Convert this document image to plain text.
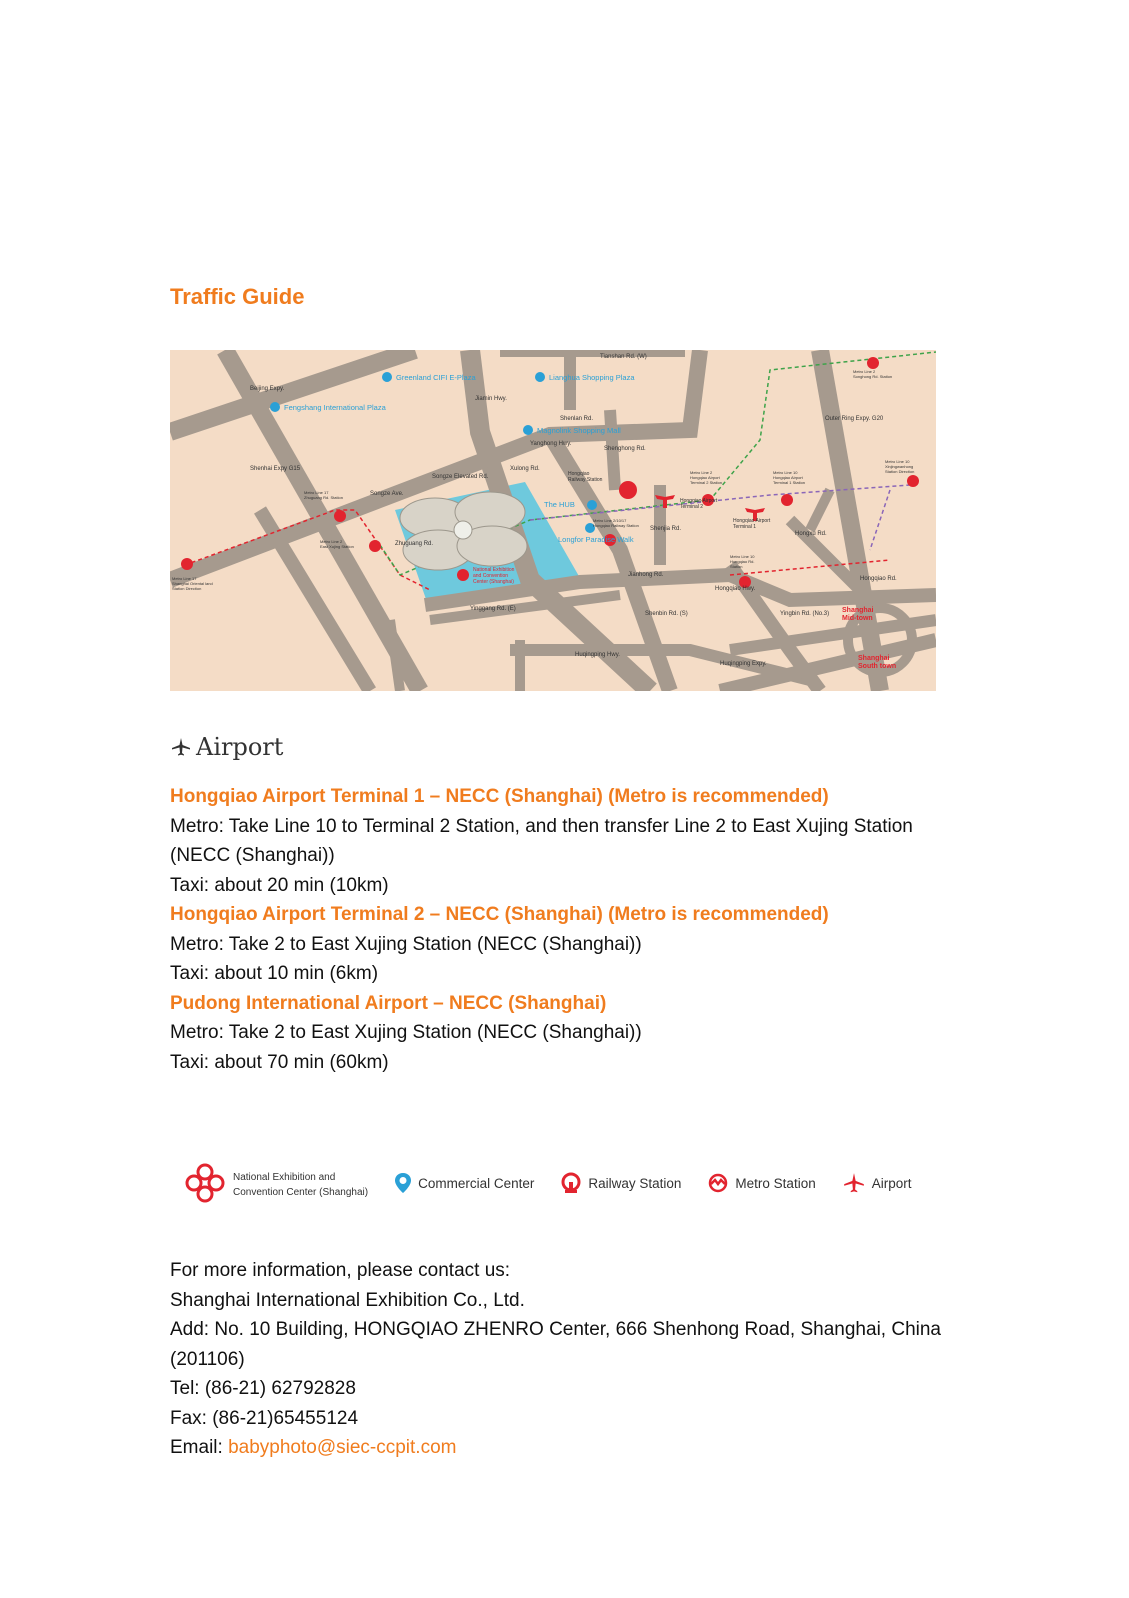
Traffic Guide
Tianshan Rd. (W)
Beijing Expy.
Jiamin Hwy.
Shenlan Rd.
Yanghong Hwy.
Shenghong Rd.
Songze Elevated Rd.
Songze Ave.
Shenhai Expy G15
Zhuguang Rd.
Xulong Rd.
Shenjia Rd.
Jianhong Rd.
Yinggang Rd. (E)
Shenbin Rd. (S)
Huqingping Hwy.
Huqingping Expy.
Outer Ring Expy. G20
Hongqiao Rd.
Yingbin Rd. (No.3)
Hongxu Rd.
Hongqiao Hwy.
Greenland CIFI E-Plaza	Lianghua Shopping Plaza
Fengshang International Plaza
Magnolink Shopping Mall
The HUB
Longfor Paradise Walk
National Exhibition
and Convention
Center (Shanghai)
Hongqiao
Railway Station
Hongqiao Airport
Terminal 2
Hongqiao Airport
Terminal 1
Shanghai
Mid-town
Shanghai
South town
Metro Line 2
Songhong Rd. Station
Metro Line 10
Xinjingwanhong
Station Direction
Metro Line 2
Hongqiao Airport
Terminal 2 Station
Metro Line 10
Hongqiao Airport
Terminal 1 Station
Metro Line 17
Zhuguang Rd. Station
Metro Line 2
East Xujing Station
Metro Line 2/10/17
Hongqiao Railway Station
Metro Line 10
Hongqiao Rd.
Station
Metro Line 17
Shanghai Oriental land
Station Direction
Airport

Hongqiao Airport Terminal 1 – NECC (Shanghai) (Metro is recommended)

Metro: Take Line 10 to Terminal 2 Station, and then transfer Line 2 to East Xujing Station (NECC (Shanghai))

Taxi: about 20 min (10km)

Hongqiao Airport Terminal 2 – NECC (Shanghai) (Metro is recommended)

Metro: Take 2 to East Xujing Station (NECC (Shanghai))

Taxi: about 10 min (6km)

Pudong International Airport – NECC (Shanghai)

Metro: Take 2 to East Xujing Station (NECC (Shanghai))

Taxi: about 70 min (60km)

National Exhibition and
Convention Center (Shanghai)
Commercial Center	Railway Station	Metro Station	Airport

For more information, please contact us:

Shanghai International Exhibition Co., Ltd.

Add: No. 10 Building, HONGQIAO ZHENRO Center, 666 Shenhong Road, Shanghai, China (201106)

Tel: (86-21) 62792828

Fax: (86-21)65455124

Email: babyphoto@siec-ccpit.com
